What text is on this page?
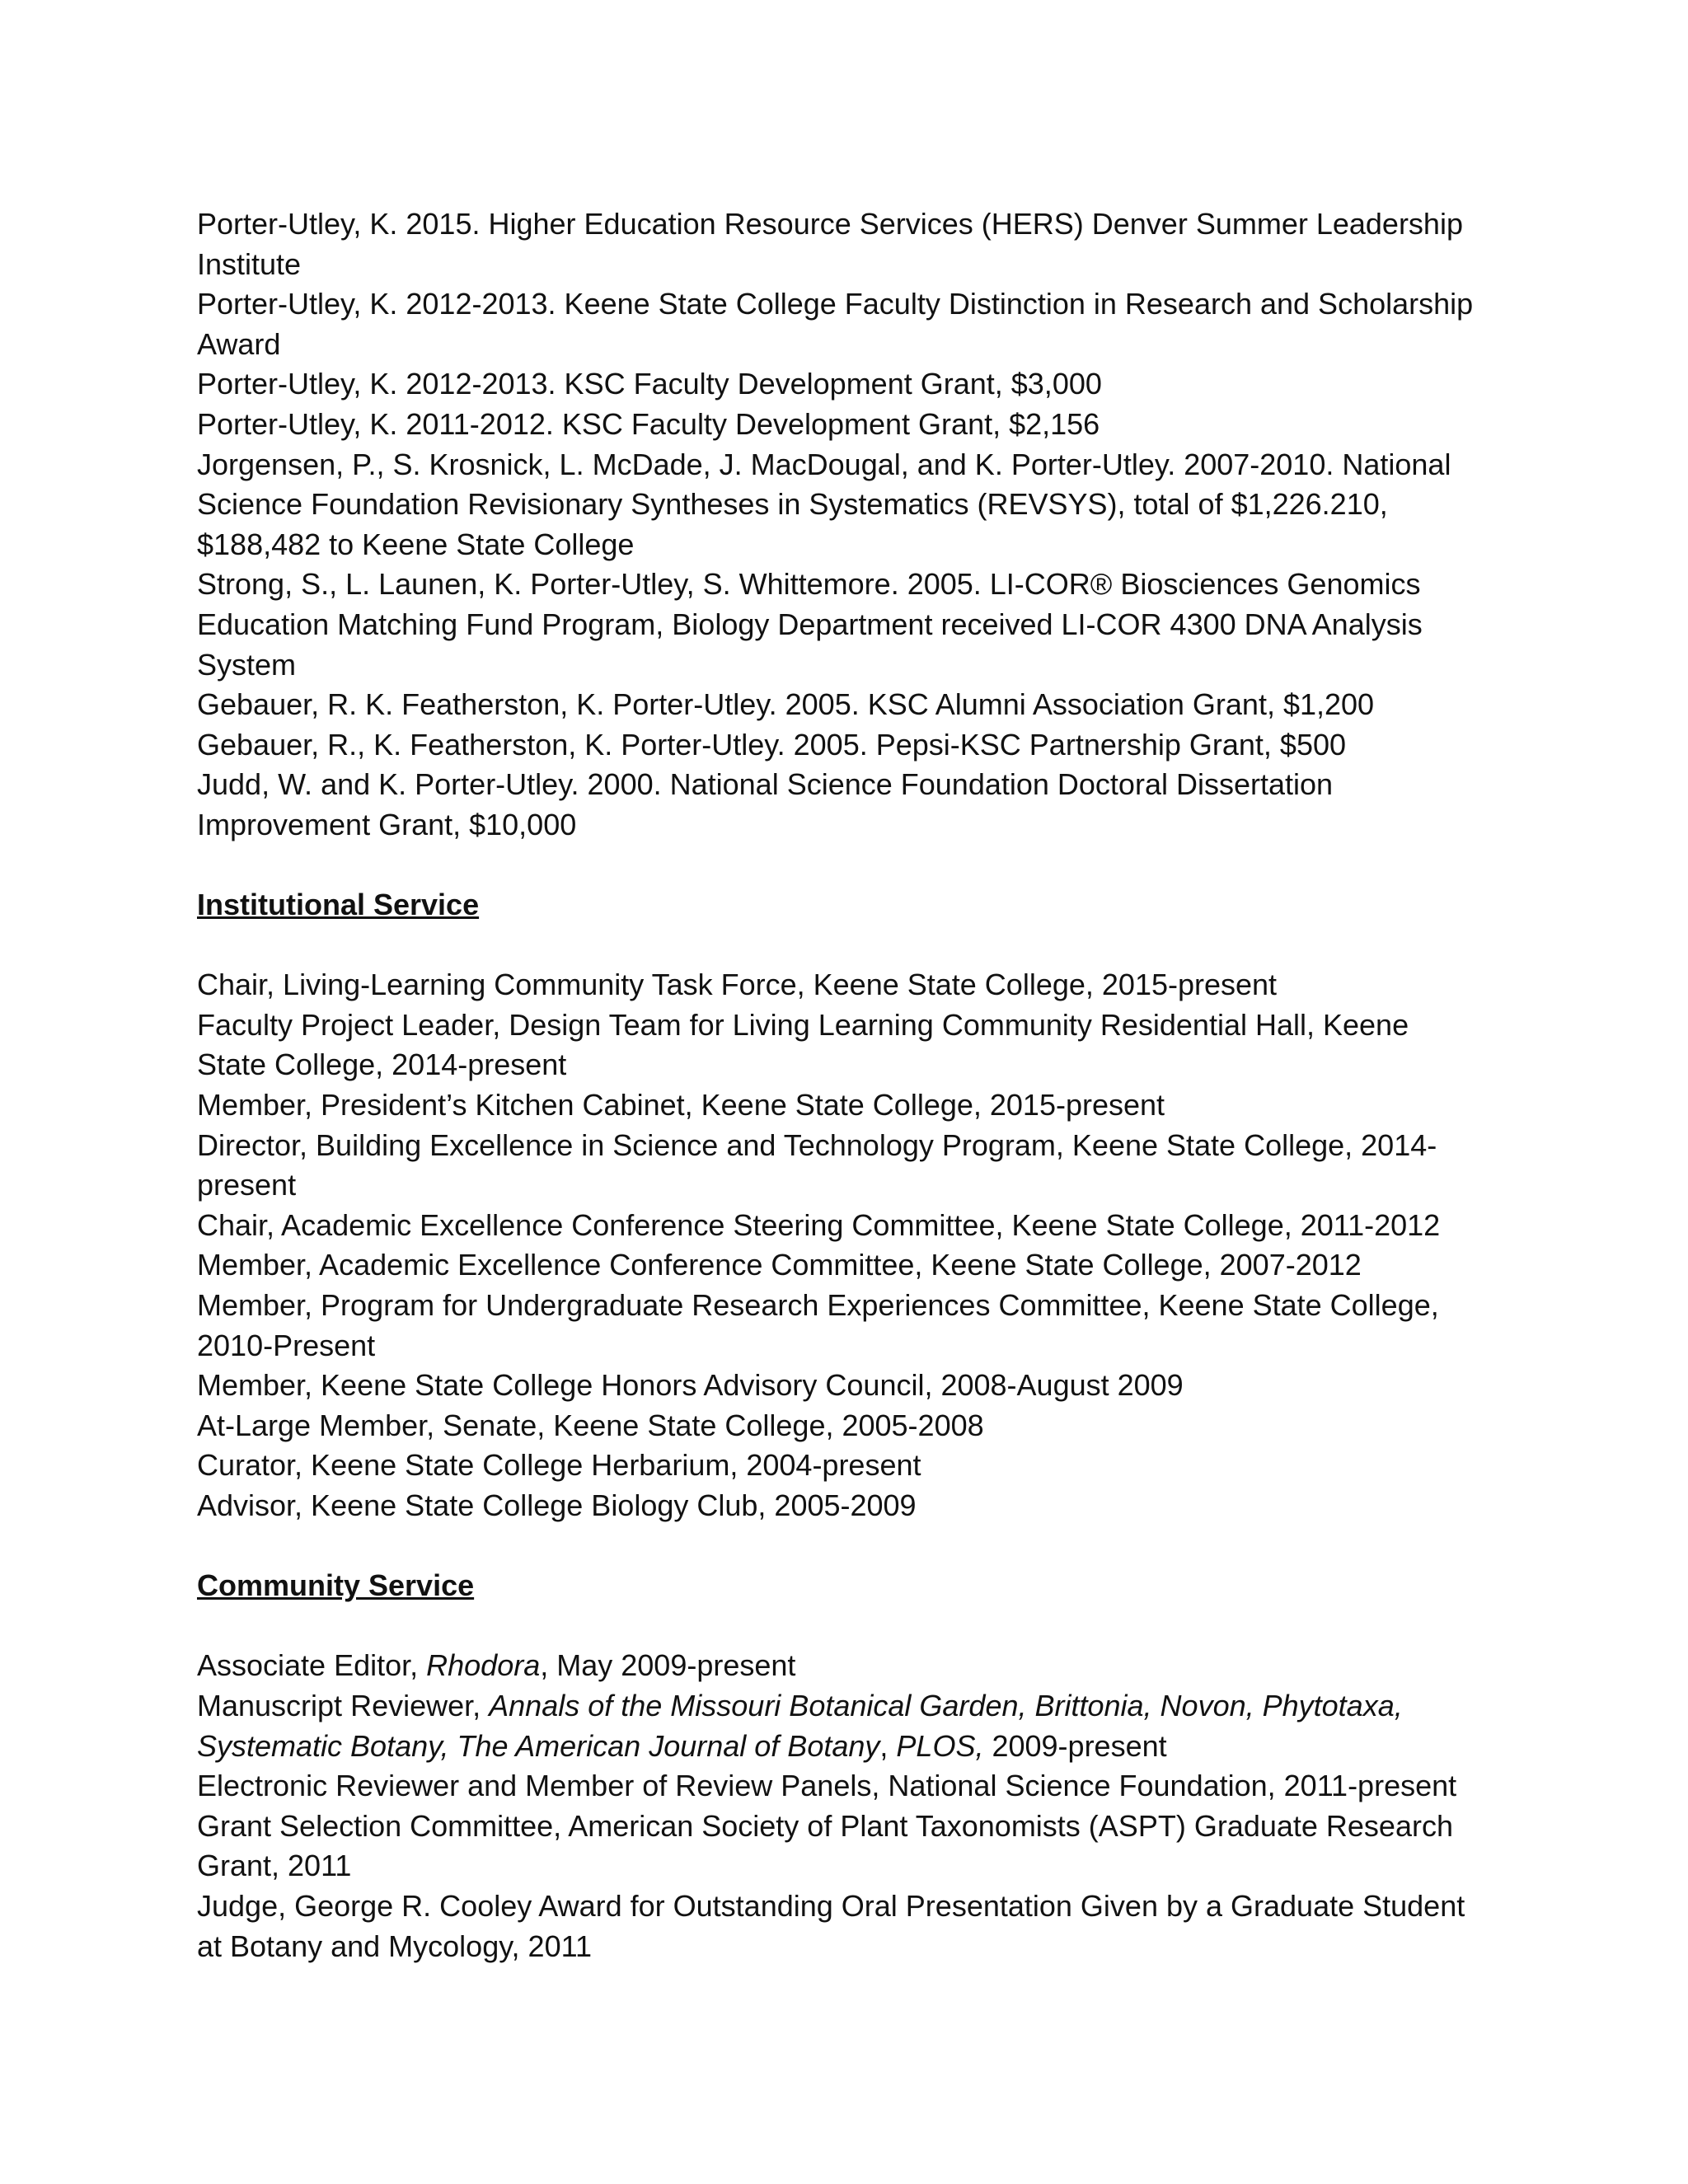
Porter-Utley, K. 2015. Higher Education Resource Services (HERS) Denver Summer Leadership Institute

Porter-Utley, K. 2012-2013. Keene State College Faculty Distinction in Research and Scholarship Award

Porter-Utley, K. 2012-2013. KSC Faculty Development Grant, $3,000

Porter-Utley, K. 2011-2012. KSC Faculty Development Grant, $2,156

Jorgensen, P., S. Krosnick, L. McDade, J. MacDougal, and K. Porter-Utley. 2007-2010. National Science Foundation Revisionary Syntheses in Systematics (REVSYS), total of $1,226.210, $188,482 to Keene State College

Strong, S., L. Launen, K. Porter-Utley, S. Whittemore. 2005. LI-COR® Biosciences Genomics Education Matching Fund Program, Biology Department received LI-COR 4300 DNA Analysis System

Gebauer, R. K. Featherston, K. Porter-Utley. 2005. KSC Alumni Association Grant, $1,200

Gebauer, R., K. Featherston, K. Porter-Utley. 2005. Pepsi-KSC Partnership Grant, $500

Judd, W. and K. Porter-Utley. 2000. National Science Foundation Doctoral Dissertation Improvement Grant, $10,000

Institutional Service

Chair, Living-Learning Community Task Force, Keene State College, 2015-present

Faculty Project Leader, Design Team for Living Learning Community Residential Hall, Keene State College, 2014-present

Member, President’s Kitchen Cabinet, Keene State College, 2015-present

Director, Building Excellence in Science and Technology Program, Keene State College, 2014-present

Chair, Academic Excellence Conference Steering Committee, Keene State College, 2011-2012

Member, Academic Excellence Conference Committee, Keene State College, 2007-2012

Member, Program for Undergraduate Research Experiences Committee, Keene State College, 2010-Present

Member, Keene State College Honors Advisory Council, 2008-August 2009

At-Large Member, Senate, Keene State College, 2005-2008

Curator, Keene State College Herbarium, 2004-present

Advisor, Keene State College Biology Club, 2005-2009

Community Service

Associate Editor, Rhodora, May 2009-present

Manuscript Reviewer, Annals of the Missouri Botanical Garden, Brittonia, Novon, Phytotaxa, Systematic Botany, The American Journal of Botany, PLOS, 2009-present

Electronic Reviewer and Member of Review Panels, National Science Foundation, 2011-present

Grant Selection Committee, American Society of Plant Taxonomists (ASPT) Graduate Research Grant, 2011

Judge, George R. Cooley Award for Outstanding Oral Presentation Given by a Graduate Student at Botany and Mycology, 2011
